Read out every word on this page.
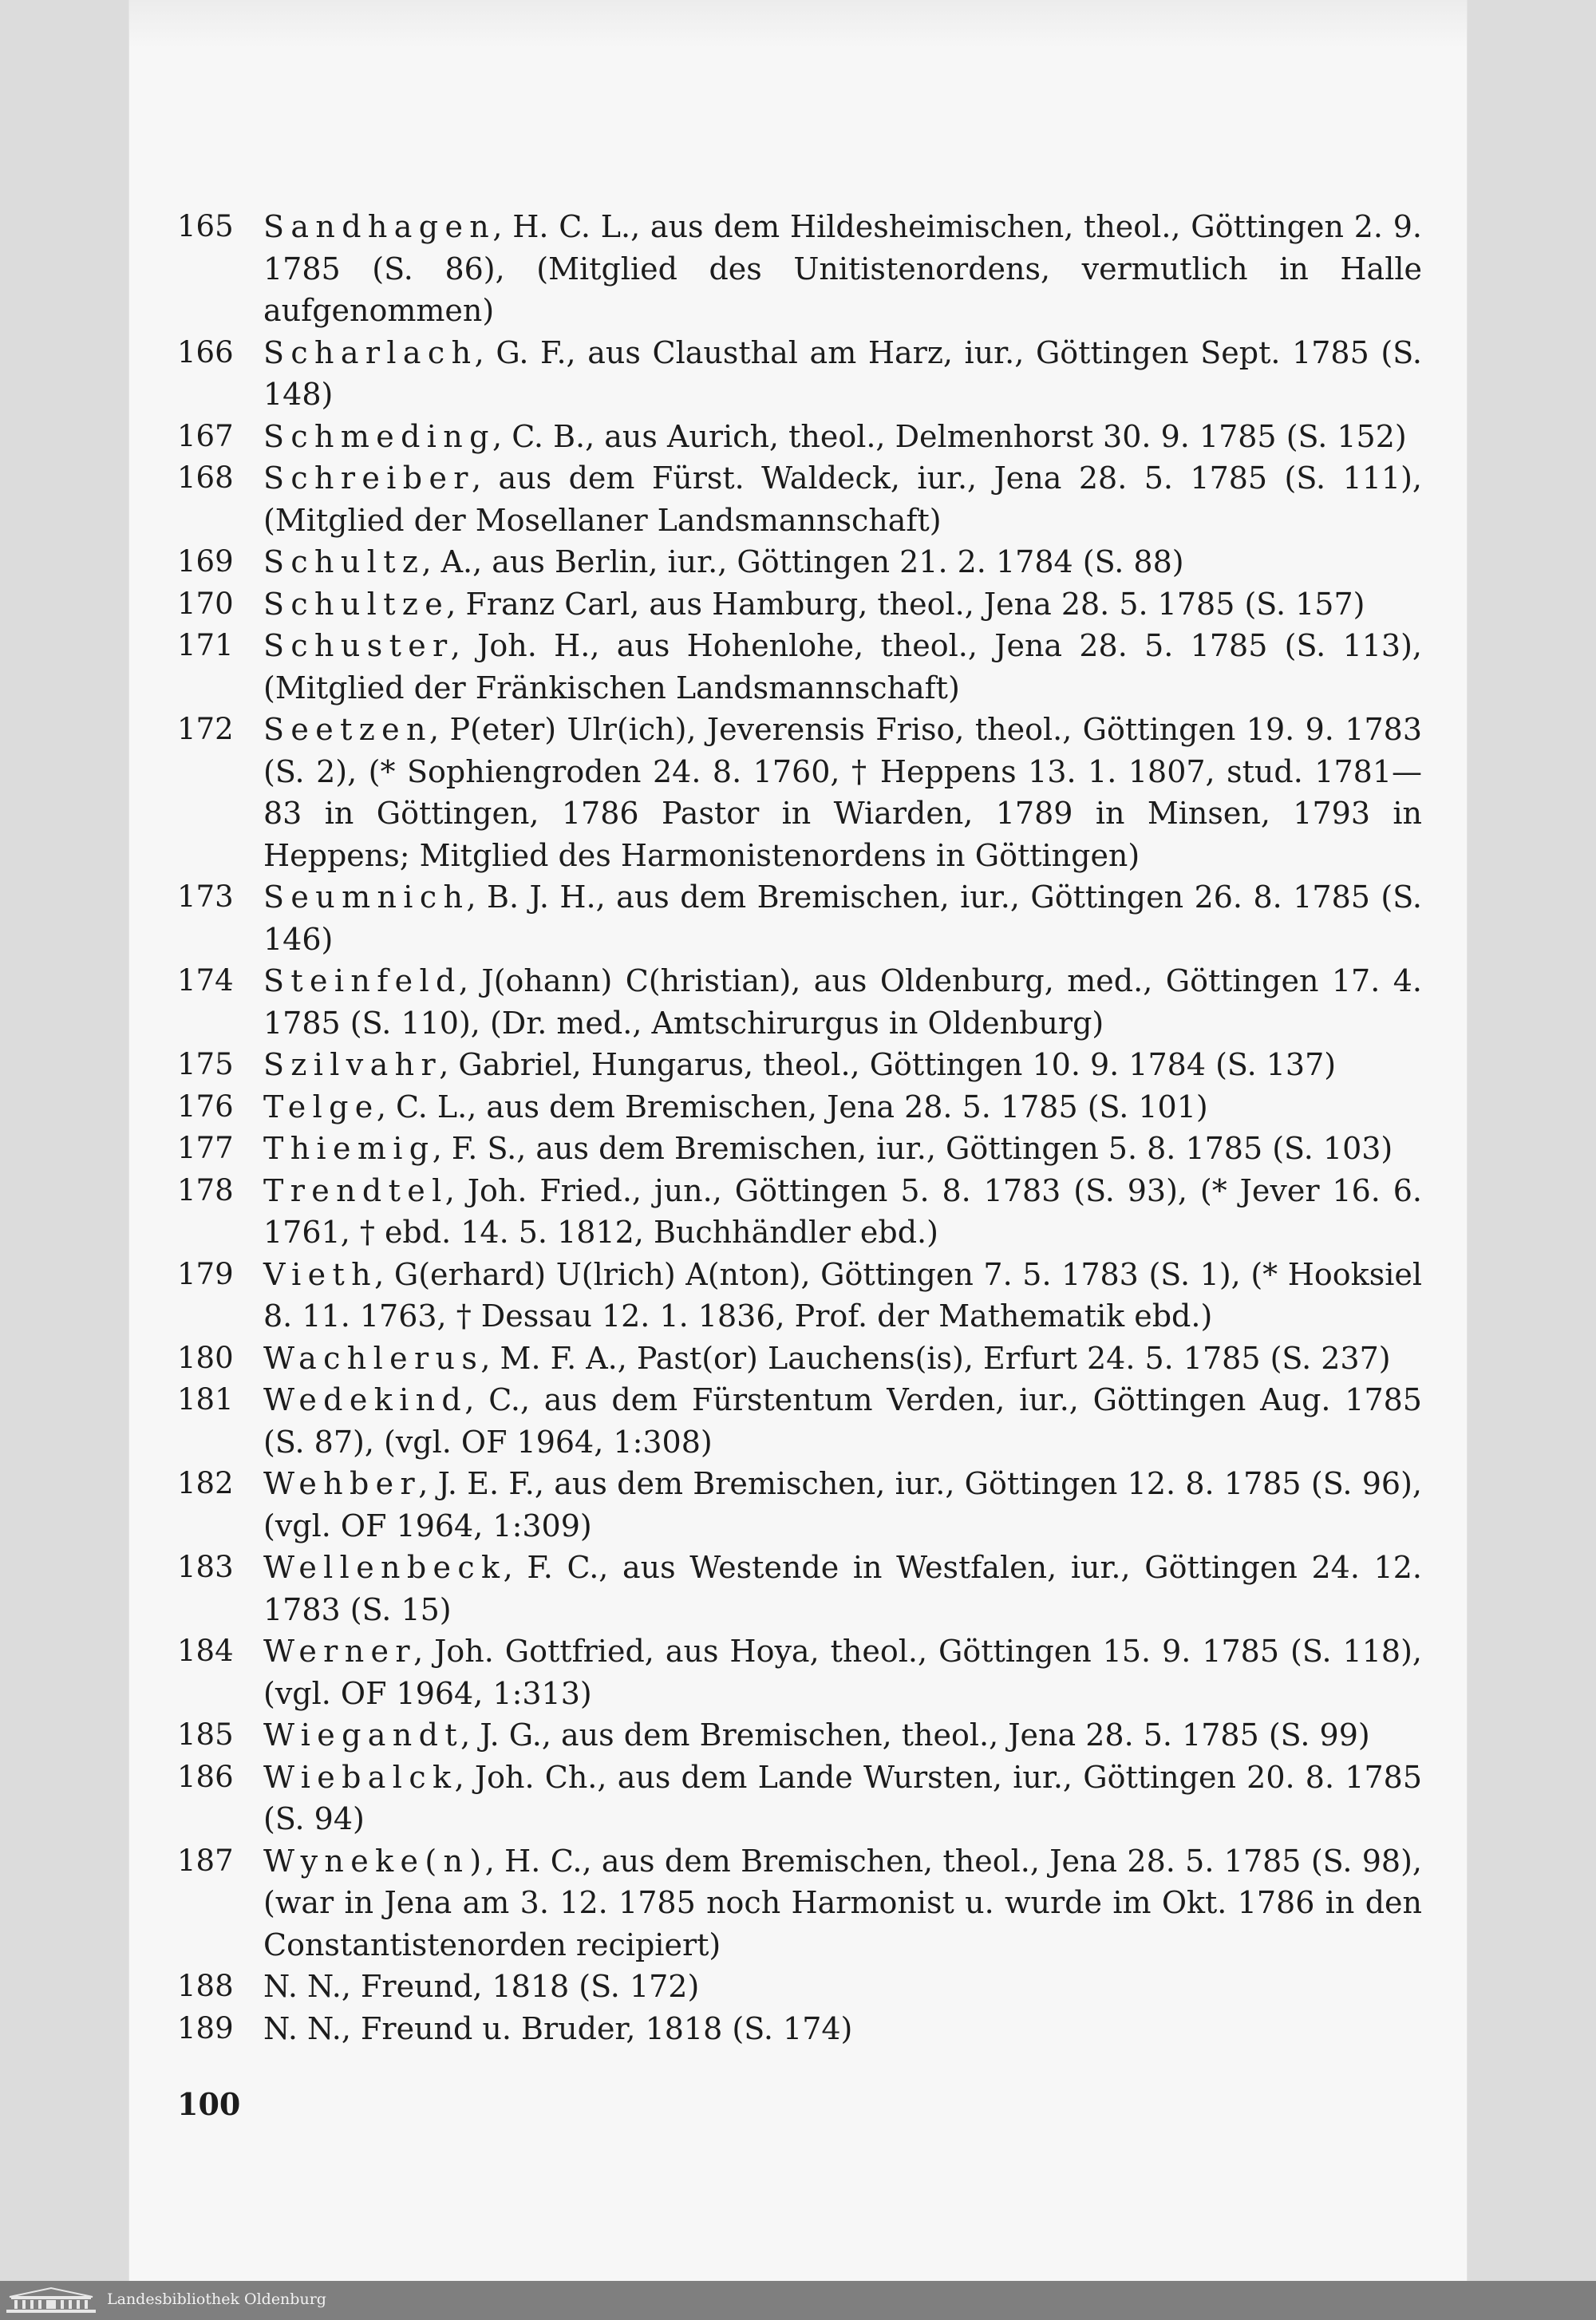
165 Sandhagen, H. C. L., aus dem Hildesheimischen, theol., Göttingen 2. 9. 1785 (S. 86), (Mitglied des Unitistenordens, vermutlich in Halle aufgenommen)
166 Scharlach, G. F., aus Clausthal am Harz, iur., Göttingen Sept. 1785 (S. 148)
167 Schmeding, C. B., aus Aurich, theol., Delmenhorst 30. 9. 1785 (S. 152)
168 Schreiber, aus dem Fürst. Waldeck, iur., Jena 28. 5. 1785 (S. 111), (Mitglied der Mosellaner Landsmannschaft)
169 Schultz, A., aus Berlin, iur., Göttingen 21. 2. 1784 (S. 88)
170 Schultze, Franz Carl, aus Hamburg, theol., Jena 28. 5. 1785 (S. 157)
171 Schuster, Joh. H., aus Hohenlohe, theol., Jena 28. 5. 1785 (S. 113), (Mitglied der Fränkischen Landsmannschaft)
172 Seetzen, P(eter) Ulr(ich), Jeverensis Friso, theol., Göttingen 19. 9. 1783 (S. 2), (* Sophiengroden 24. 8. 1760, † Heppens 13. 1. 1807, stud. 1781—83 in Göttingen, 1786 Pastor in Wiarden, 1789 in Minsen, 1793 in Heppens; Mitglied des Harmonistenordens in Göttingen)
173 Seumnich, B. J. H., aus dem Bremischen, iur., Göttingen 26. 8. 1785 (S. 146)
174 Steinfeld, J(ohann) C(hristian), aus Oldenburg, med., Göttingen 17. 4. 1785 (S. 110), (Dr. med., Amtschirurgus in Oldenburg)
175 Szilvahr, Gabriel, Hungarus, theol., Göttingen 10. 9. 1784 (S. 137)
176 Telge, C. L., aus dem Bremischen, Jena 28. 5. 1785 (S. 101)
177 Thiemig, F. S., aus dem Bremischen, iur., Göttingen 5. 8. 1785 (S. 103)
178 Trendtel, Joh. Fried., jun., Göttingen 5. 8. 1783 (S. 93), (* Jever 16. 6. 1761, † ebd. 14. 5. 1812, Buchhändler ebd.)
179 Vieth, G(erhard) U(lrich) A(nton), Göttingen 7. 5. 1783 (S. 1), (* Hooksiel 8. 11. 1763, † Dessau 12. 1. 1836, Prof. der Mathematik ebd.)
180 Wachlerus, M. F. A., Past(or) Lauchens(is), Erfurt 24. 5. 1785 (S. 237)
181 Wedekind, C., aus dem Fürstentum Verden, iur., Göttingen Aug. 1785 (S. 87), (vgl. OF 1964, 1:308)
182 Wehber, J. E. F., aus dem Bremischen, iur., Göttingen 12. 8. 1785 (S. 96), (vgl. OF 1964, 1:309)
183 Wellenbeck, F. C., aus Westende in Westfalen, iur., Göttingen 24. 12. 1783 (S. 15)
184 Werner, Joh. Gottfried, aus Hoya, theol., Göttingen 15. 9. 1785 (S. 118), (vgl. OF 1964, 1:313)
185 Wiegandt, J. G., aus dem Bremischen, theol., Jena 28. 5. 1785 (S. 99)
186 Wiebalck, Joh. Ch., aus dem Lande Wursten, iur., Göttingen 20. 8. 1785 (S. 94)
187 Wyneke(n), H. C., aus dem Bremischen, theol., Jena 28. 5. 1785 (S. 98), (war in Jena am 3. 12. 1785 noch Harmonist u. wurde im Okt. 1786 in den Constantistenorden recipiert)
188 N. N., Freund, 1818 (S. 172)
189 N. N., Freund u. Bruder, 1818 (S. 174)
100
Landesbibliothek Oldenburg
